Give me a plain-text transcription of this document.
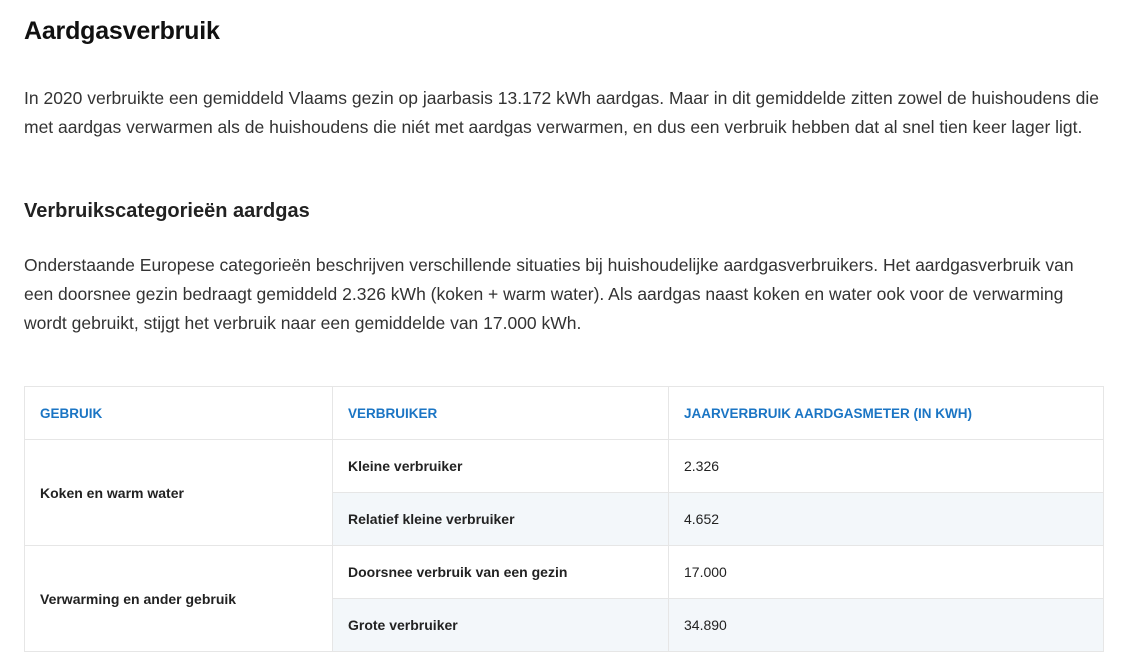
Aardgasverbruik

In 2020 verbruikte een gemiddeld Vlaams gezin op jaarbasis 13.172 kWh aardgas. Maar in dit gemiddelde zitten zowel de huishoudens die met aardgas verwarmen als de huishoudens die niét met aardgas verwarmen, en dus een verbruik hebben dat al snel tien keer lager ligt.

Verbruikscategorieën aardgas

Onderstaande Europese categorieën beschrijven verschillende situaties bij huishoudelijke aardgasverbruikers. Het aardgasverbruik van een doorsnee gezin bedraagt gemiddeld 2.326 kWh (koken + warm water). Als aardgas naast koken en water ook voor de verwarming wordt gebruikt, stijgt het verbruik naar een gemiddelde van 17.000 kWh.

GEBRUIK	VERBRUIKER	JAARVERBRUIK AARDGASMETER (IN KWH)
Koken en warm water	Kleine verbruiker	2.326
	Relatief kleine verbruiker	4.652
Verwarming en ander gebruik	Doorsnee verbruik van een gezin	17.000
	Grote verbruiker	34.890
